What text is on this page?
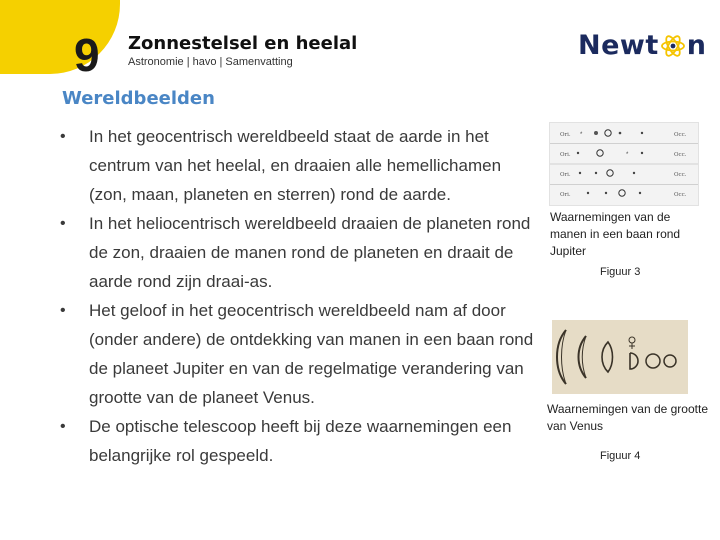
9 Zonnestelsel en heelal
Astronomie | havo | Samenvatting
Newt n
Wereldbeelden
• In het geocentrisch wereldbeeld staat de aarde in het centrum van het heelal, en draaien alle hemellichamen (zon, maan, planeten en sterren) rond de aarde.
• In het heliocentrisch wereldbeeld draaien de planeten rond de zon, draaien de manen rond de planeten en draait de aarde rond zijn draai-as.
• Het geloof in het geocentrisch wereldbeeld nam af door (onder andere) de ontdekking van manen in een baan rond de planeet Jupiter en van de regelmatige verandering van grootte van de planeet Venus.
• De optische telescoop heeft bij deze waarnemingen een belangrijke rol gespeeld.
Ori. *	Occ.
Ori.	*	Occ.
Ori.	Occ.
Ori.	Occ.
Waarnemingen van de manen in een baan rond Jupiter
Figuur 3
Waarnemingen van de grootte van Venus
Figuur 4
